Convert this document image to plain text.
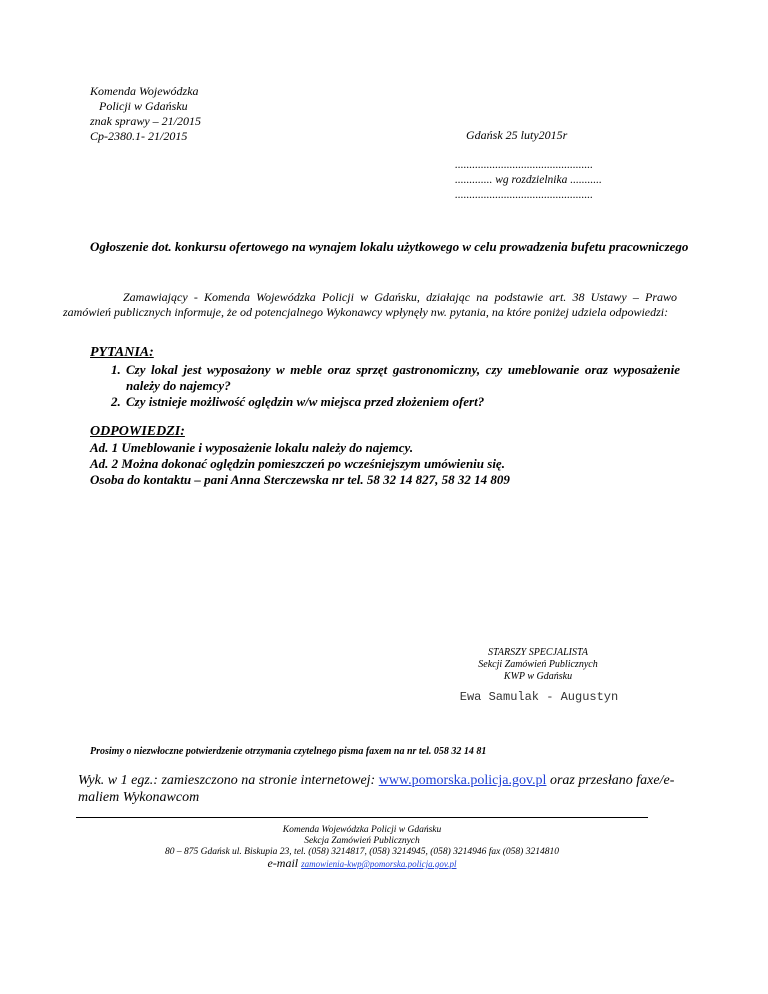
Komenda Wojewódzka
Policji w Gdańsku
znak sprawy – 21/2015
Cp-2380.1- 21/2015	Gdańsk 25 luty2015r
................................................
............. wg rozdzielnika ...........
................................................
Ogłoszenie dot. konkursu ofertowego na wynajem lokalu użytkowego w celu prowadzenia bufetu pracowniczego
Zamawiający - Komenda Wojewódzka Policji w Gdańsku, działając na podstawie art. 38 Ustawy – Prawo zamówień publicznych informuje, że od potencjalnego Wykonawcy wpłynęły nw. pytania, na które poniżej udziela odpowiedzi:
PYTANIA:
1. Czy lokal jest wyposażony w meble oraz sprzęt gastronomiczny, czy umeblowanie oraz wyposażenie należy do najemcy?
2. Czy istnieje możliwość oględzin w/w miejsca przed złożeniem ofert?
ODPOWIEDZI:
Ad. 1 Umeblowanie i wyposażenie lokalu należy do najemcy.
Ad. 2 Można dokonać oględzin pomieszczeń po wcześniejszym umówieniu się.
Osoba do kontaktu – pani Anna Sterczewska nr tel. 58 32 14 827, 58 32 14 809
STARSZY SPECJALISTA
Sekcji Zamówień Publicznych
KWP w Gdańsku
Ewa Samulak - Augustyn
Prosimy o niezwłoczne potwierdzenie otrzymania czytelnego pisma faxem na nr tel. 058 32 14 81
Wyk. w 1 egz.: zamieszczono na stronie internetowej: www.pomorska.policja.gov.pl oraz przesłano faxe/e-maliem Wykonawcom
Komenda Wojewódzka Policji w Gdańsku
Sekcja Zamówień Publicznych
80 – 875 Gdańsk ul. Biskupia 23, tel. (058) 3214817, (058) 3214945, (058) 3214946 fax (058) 3214810
e-mail zamowienia-kwp@pomorska.policja.gov.pl
